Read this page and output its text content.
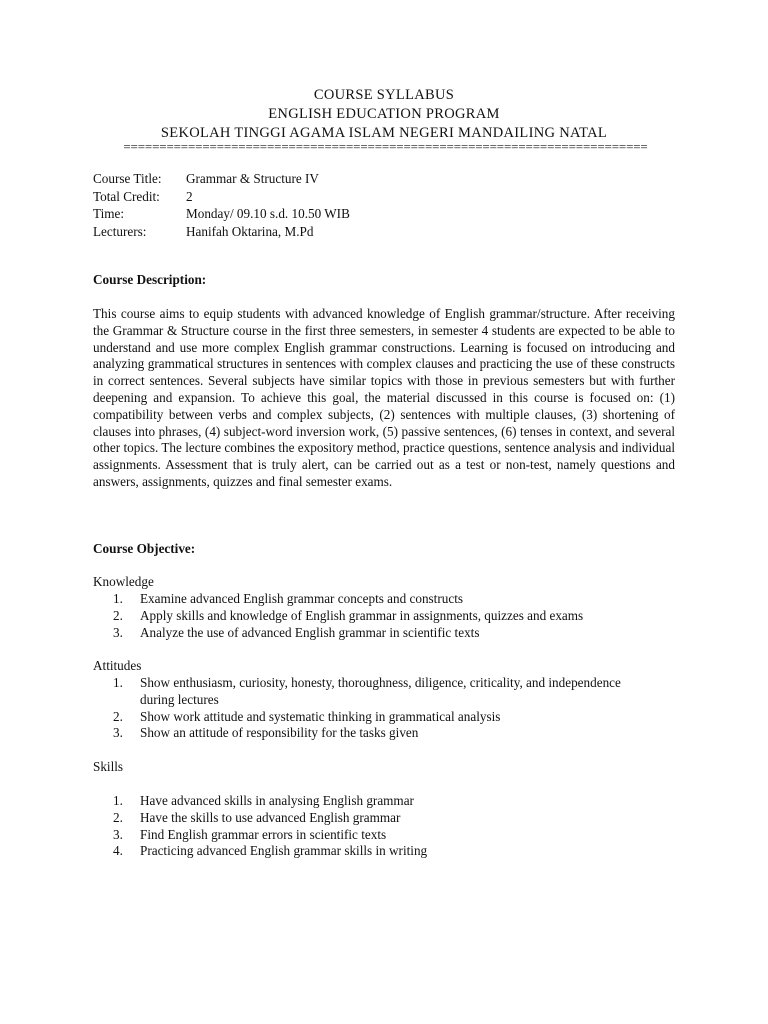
COURSE SYLLABUS
ENGLISH EDUCATION PROGRAM
SEKOLAH TINGGI AGAMA ISLAM NEGERI MANDAILING NATAL
=========================================================================
Course Title:	Grammar & Structure IV
Total Credit:	2
Time:	Monday/ 09.10 s.d. 10.50 WIB
Lecturers:	Hanifah Oktarina, M.Pd
Course Description:
This course aims to equip students with advanced knowledge of English grammar/structure. After receiving the Grammar & Structure course in the first three semesters, in semester 4 students are expected to be able to understand and use more complex English grammar constructions. Learning is focused on introducing and analyzing grammatical structures in sentences with complex clauses and practicing the use of these constructs in correct sentences. Several subjects have similar topics with those in previous semesters but with further deepening and expansion. To achieve this goal, the material discussed in this course is focused on: (1) compatibility between verbs and complex subjects, (2) sentences with multiple clauses, (3) shortening of clauses into phrases, (4) subject-word inversion work, (5) passive sentences, (6) tenses in context, and several other topics. The lecture combines the expository method, practice questions, sentence analysis and individual assignments. Assessment that is truly alert, can be carried out as a test or non-test, namely questions and answers, assignments, quizzes and final semester exams.
Course Objective:
Knowledge
1. Examine advanced English grammar concepts and constructs
2. Apply skills and knowledge of English grammar in assignments, quizzes and exams
3. Analyze the use of advanced English grammar in scientific texts
Attitudes
1. Show enthusiasm, curiosity, honesty, thoroughness, diligence, criticality, and independence during lectures
2. Show work attitude and systematic thinking in grammatical analysis
3. Show an attitude of responsibility for the tasks given
Skills
1. Have advanced skills in analysing English grammar
2. Have the skills to use advanced English grammar
3. Find English grammar errors in scientific texts
4. Practicing advanced English grammar skills in writing
